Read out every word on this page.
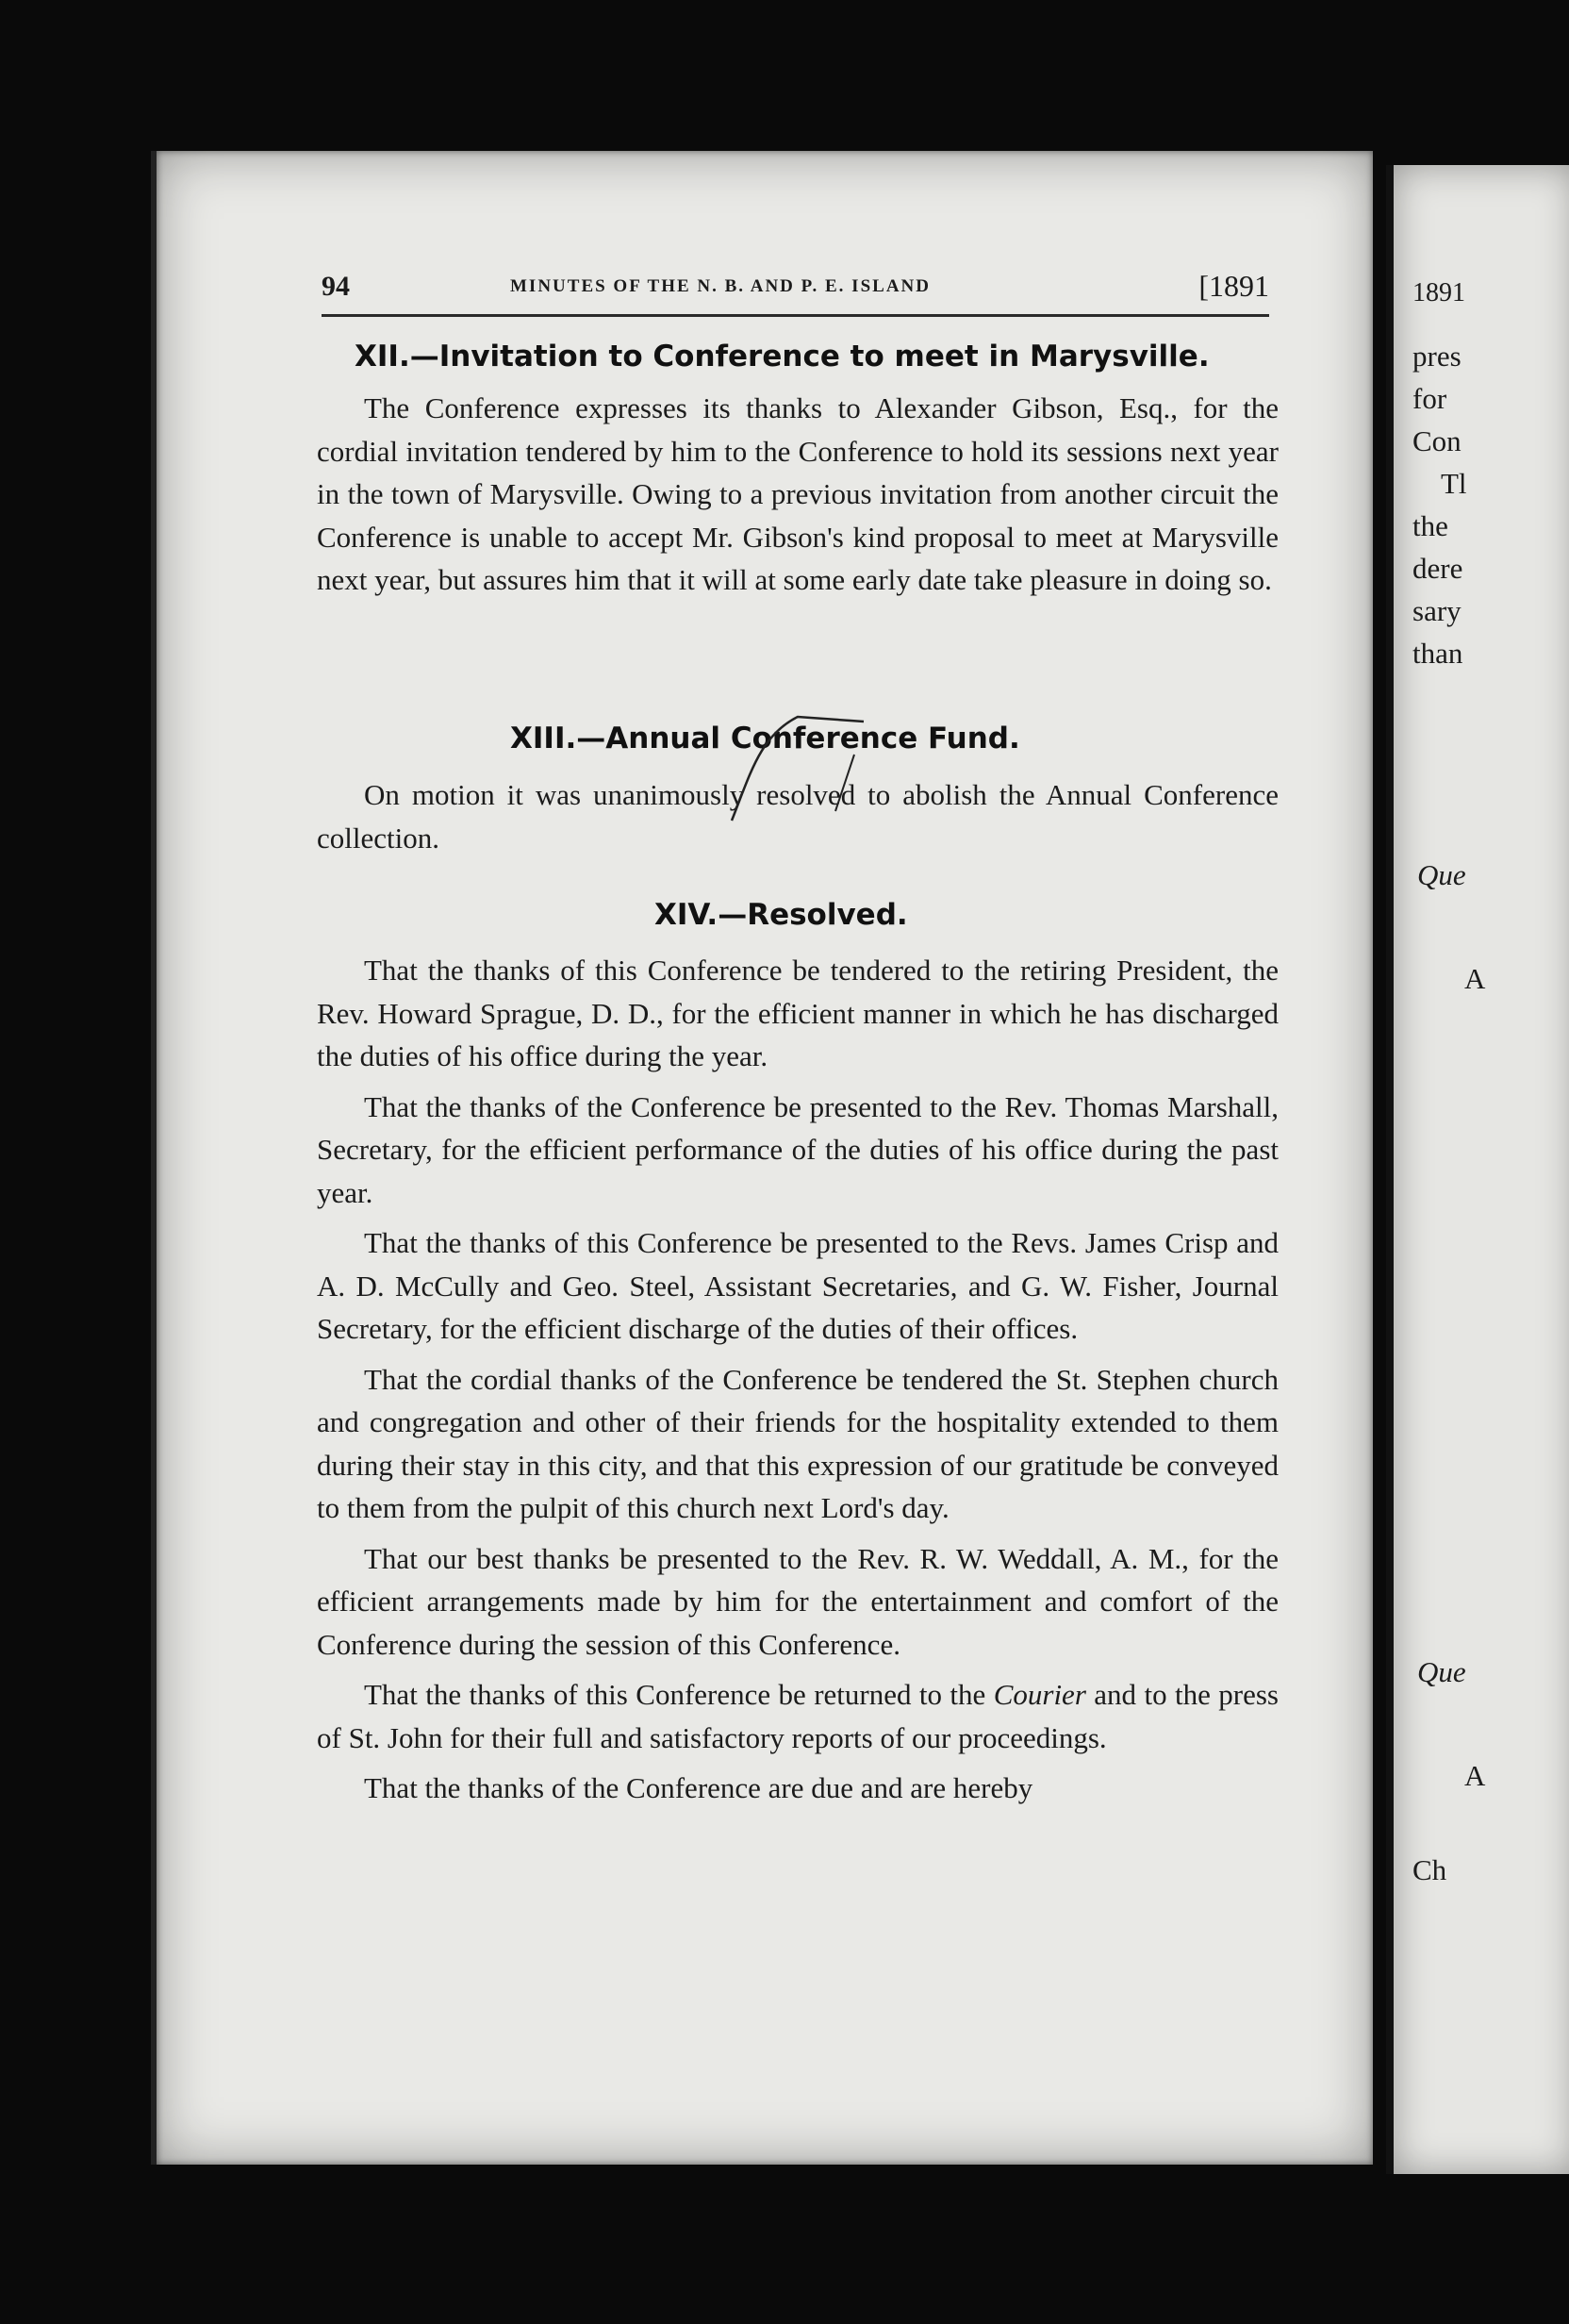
94	MINUTES OF THE N. B. AND P. E. ISLAND	[1891
XII.—Invitation to Conference to meet in Marysville.

The Conference expresses its thanks to Alexander Gibson, Esq., for the cordial invitation tendered by him to the Conference to hold its sessions next year in the town of Marysville. Owing to a previous invitation from another circuit the Conference is unable to accept Mr. Gibson's kind proposal to meet at Marysville next year, but assures him that it will at some early date take pleasure in doing so.

XIII.—Annual Conference Fund.

On motion it was unanimously resolved to abolish the Annual Conference collection.

XIV.—Resolved.

That the thanks of this Conference be tendered to the retiring President, the Rev. Howard Sprague, D. D., for the efficient manner in which he has discharged the duties of his office during the year.

That the thanks of the Conference be presented to the Rev. Thomas Marshall, Secretary, for the efficient performance of the duties of his office during the past year.

That the thanks of this Conference be presented to the Revs. James Crisp and A. D. McCully and Geo. Steel, Assistant Secretaries, and G. W. Fisher, Journal Secretary, for the efficient discharge of the duties of their offices.

That the cordial thanks of the Conference be tendered the St. Stephen church and congregation and other of their friends for the hospitality extended to them during their stay in this city, and that this expression of our gratitude be conveyed to them from the pulpit of this church next Lord's day.

That our best thanks be presented to the Rev. R. W. Weddall, A. M., for the efficient arrangements made by him for the entertainment and comfort of the Conference during the session of this Conference.

That the thanks of this Conference be returned to the Courier and to the press of St. John for their full and satisfactory reports of our proceedings.

That the thanks of the Conference are due and are hereby

1891
pres
for
Con
Tl
the
dere
sary
than
Que
A
Que
A
Ch
